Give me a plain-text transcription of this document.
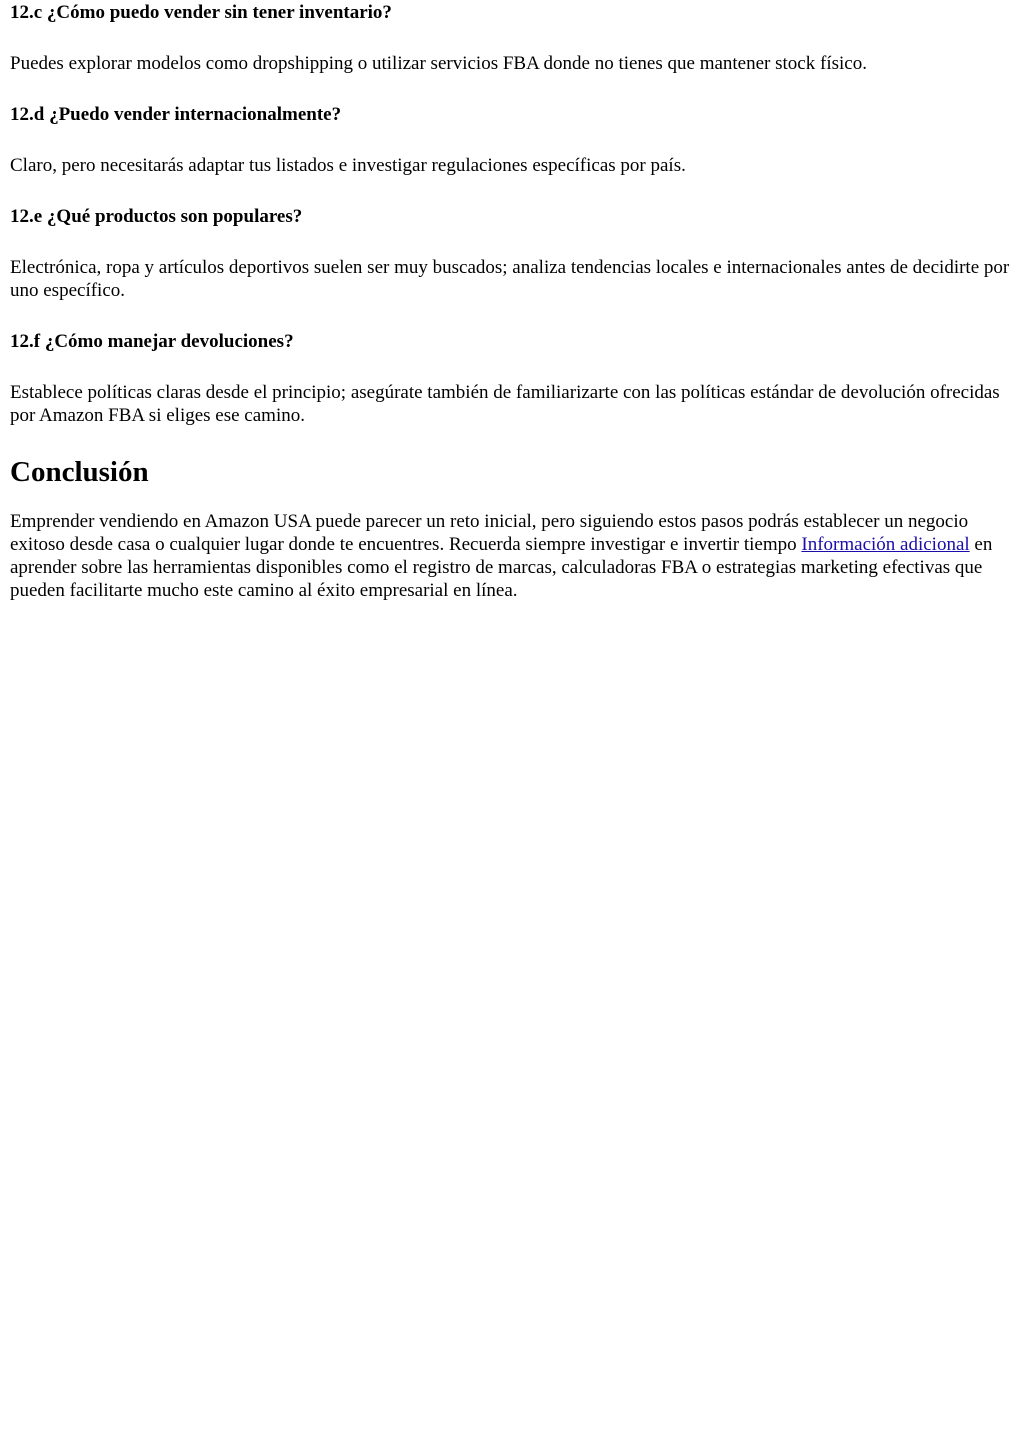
12.c ¿Cómo puedo vender sin tener inventario?

Puedes explorar modelos como dropshipping o utilizar servicios FBA donde no tienes que mantener stock físico.

12.d ¿Puedo vender internacionalmente?

Claro, pero necesitarás adaptar tus listados e investigar regulaciones específicas por país.

12.e ¿Qué productos son populares?

Electrónica, ropa y artículos deportivos suelen ser muy buscados; analiza tendencias locales e internacionales antes de decidirte por uno específico.

12.f ¿Cómo manejar devoluciones?

Establece políticas claras desde el principio; asegúrate también de familiarizarte con las políticas estándar de devolución ofrecidas por Amazon FBA si eliges ese camino.

Conclusión

Emprender vendiendo en Amazon USA puede parecer un reto inicial, pero siguiendo estos pasos podrás establecer un negocio exitoso desde casa o cualquier lugar donde te encuentres. Recuerda siempre investigar e invertir tiempo Información adicional en aprender sobre las herramientas disponibles como el registro de marcas, calculadoras FBA o estrategias marketing efectivas que pueden facilitarte mucho este camino al éxito empresarial en línea.
